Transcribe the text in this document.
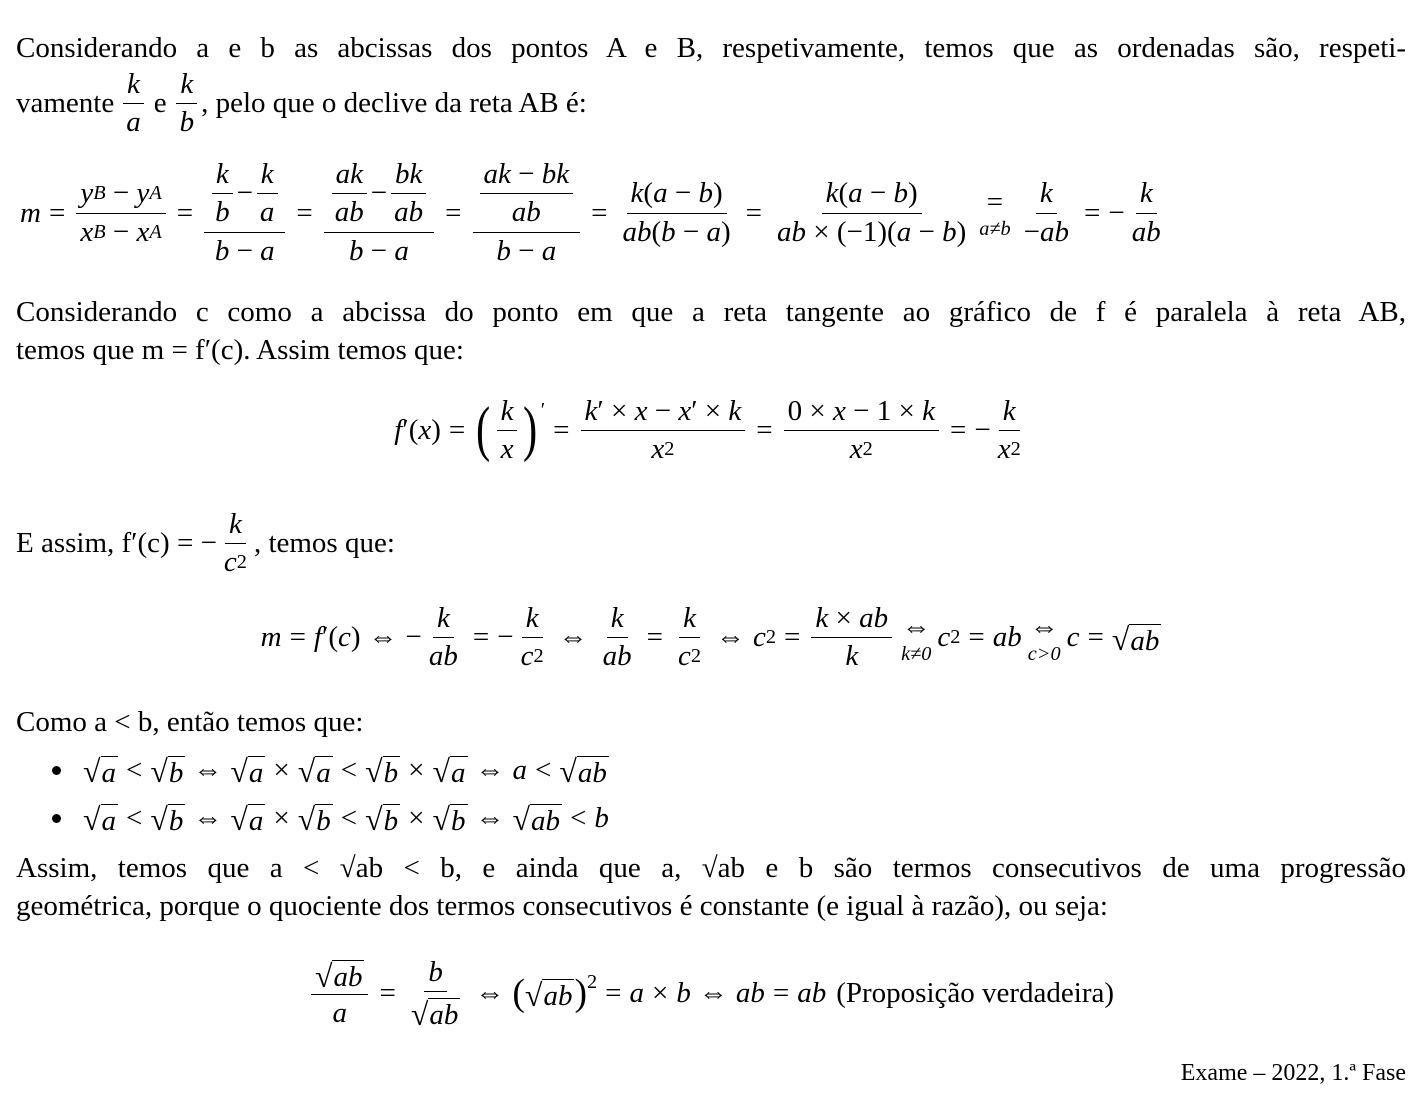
Considerando a e b as abcissas dos pontos A e B, respetivamente, temos que as ordenadas são, respeti-
vamente $\frac{k}{a}$ e $\frac{k}{b}$ , pelo que o declive da reta AB é:
$m = \frac{\text{y B − y A}}{\text{x B − x A}} = \frac{\frac{k}{b} - \frac{k}{a}}{b - a} = \frac{\frac{ak}{ab} - \frac{bk}{ab}}{b - a} = \frac{\frac{ak - bk}{ab}}{b - a} = \frac{k ( a - b )}{ab ( b - a )} = \frac{k ( a - b )}{ab \times (-1)( a - b )}$ =
$a\ne b \frac{k}{- ab}$ = − $\frac{k}{ab}$
Considerando c como a abcissa do ponto em que a reta tangente ao gráfico de f é paralela à reta AB,
temos que m = f′(c). Assim temos que:
f ′( x ) = ( $\frac{k}{x}$ ) ′
= $\frac{k ' \times x - x ' \times k}{x 2} = \frac{0 \times x - 1 \times k}{x 2}$ = − $\frac{k}{x 2}$
E assim, f′(c) = − $\frac{k}{c 2}$ , temos que:
m = f ′( c ) ⇔ − $\frac{k}{ab}$ = − $\frac{k}{c 2}$ ⇔ $\frac{k}{ab} = \frac{k}{c 2}$ ⇔ c $2 = \frac{k \times ab}{k}$ ⇔
k≠0
c 2 = ab ⇔
c>0
c = √ ab
Como a < b, então temos que:
√ a < √ b ⇔ √ a × √ a < √ b × √ a ⇔ a < √ ab
√ a < √ b ⇔ √ a × √ b < √ b × √ b ⇔ √ ab < b
Assim, temos que a < √ab < b, e ainda que a, √ab e b são termos consecutivos de uma progressão
geométrica, porque o quociente dos termos consecutivos é constante (e igual à razão), ou seja:
$\frac{√ ab}{a} = \frac{b}{√ ab}$ ⇔ ( √ ab ) 2 = a × b ⇔ ab = ab (Proposição verdadeira)
Exame – 2022, 1.ª Fase
